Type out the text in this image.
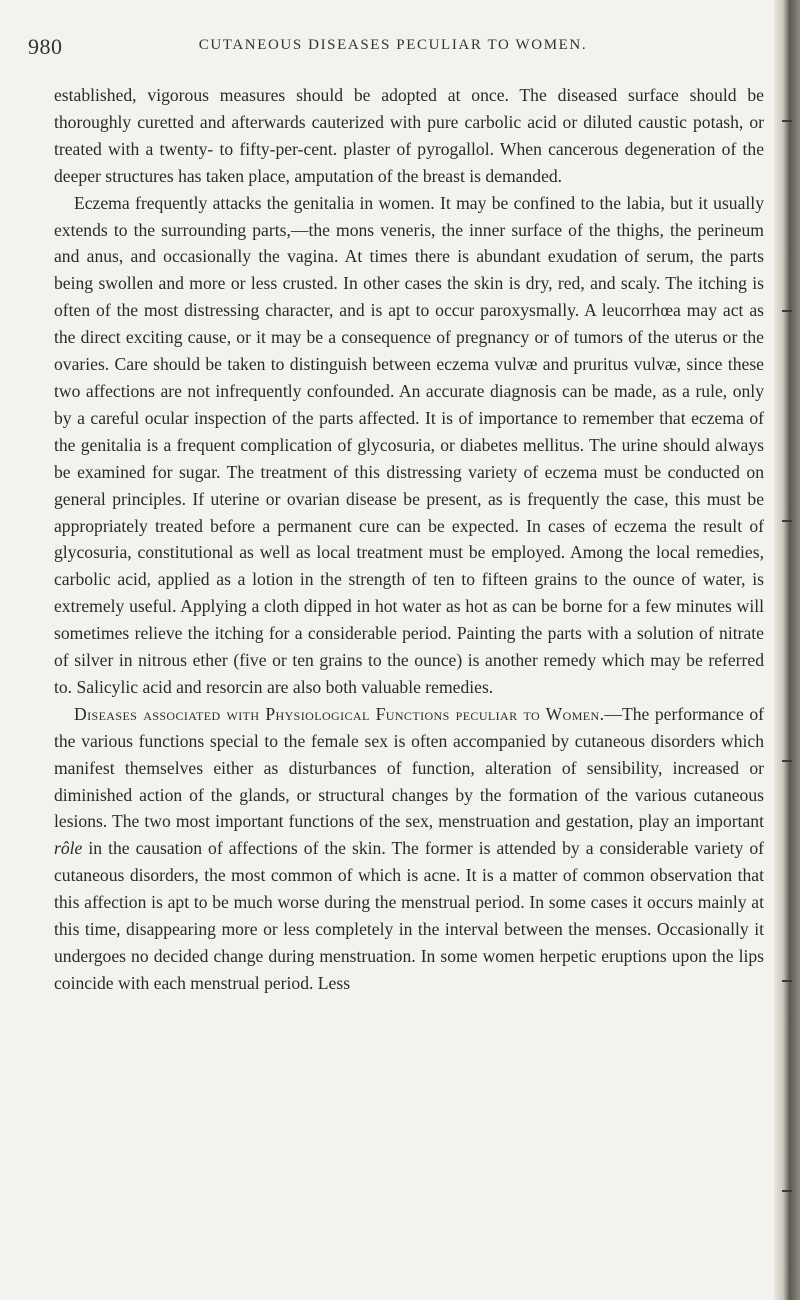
980	CUTANEOUS DISEASES PECULIAR TO WOMEN.

established, vigorous measures should be adopted at once. The diseased surface should be thoroughly curetted and afterwards cauterized with pure carbolic acid or diluted caustic potash, or treated with a twenty- to fifty-per-cent. plaster of pyrogallol. When cancerous degeneration of the deeper structures has taken place, amputation of the breast is demanded.

Eczema frequently attacks the genitalia in women. It may be confined to the labia, but it usually extends to the surrounding parts,—the mons veneris, the inner surface of the thighs, the perineum and anus, and occasionally the vagina. At times there is abundant exudation of serum, the parts being swollen and more or less crusted. In other cases the skin is dry, red, and scaly. The itching is often of the most distressing character, and is apt to occur paroxysmally. A leucorrhœa may act as the direct exciting cause, or it may be a consequence of pregnancy or of tumors of the uterus or the ovaries. Care should be taken to distinguish between eczema vulvæ and pruritus vulvæ, since these two affections are not infrequently confounded. An accurate diagnosis can be made, as a rule, only by a careful ocular inspection of the parts affected. It is of importance to remember that eczema of the genitalia is a frequent complication of glycosuria, or diabetes mellitus. The urine should always be examined for sugar. The treatment of this distressing variety of eczema must be conducted on general principles. If uterine or ovarian disease be present, as is frequently the case, this must be appropriately treated before a permanent cure can be expected. In cases of eczema the result of glycosuria, constitutional as well as local treatment must be employed. Among the local remedies, carbolic acid, applied as a lotion in the strength of ten to fifteen grains to the ounce of water, is extremely useful. Applying a cloth dipped in hot water as hot as can be borne for a few minutes will sometimes relieve the itching for a considerable period. Painting the parts with a solution of nitrate of silver in nitrous ether (five or ten grains to the ounce) is another remedy which may be referred to. Salicylic acid and resorcin are also both valuable remedies.

Diseases associated with Physiological Functions peculiar to Women.—The performance of the various functions special to the female sex is often accompanied by cutaneous disorders which manifest themselves either as disturbances of function, alteration of sensibility, increased or diminished action of the glands, or structural changes by the formation of the various cutaneous lesions. The two most important functions of the sex, menstruation and gestation, play an important rôle in the causation of affections of the skin. The former is attended by a considerable variety of cutaneous disorders, the most common of which is acne. It is a matter of common observation that this affection is apt to be much worse during the menstrual period. In some cases it occurs mainly at this time, disappearing more or less completely in the interval between the menses. Occasionally it undergoes no decided change during menstruation. In some women herpetic eruptions upon the lips coincide with each menstrual period. Less
